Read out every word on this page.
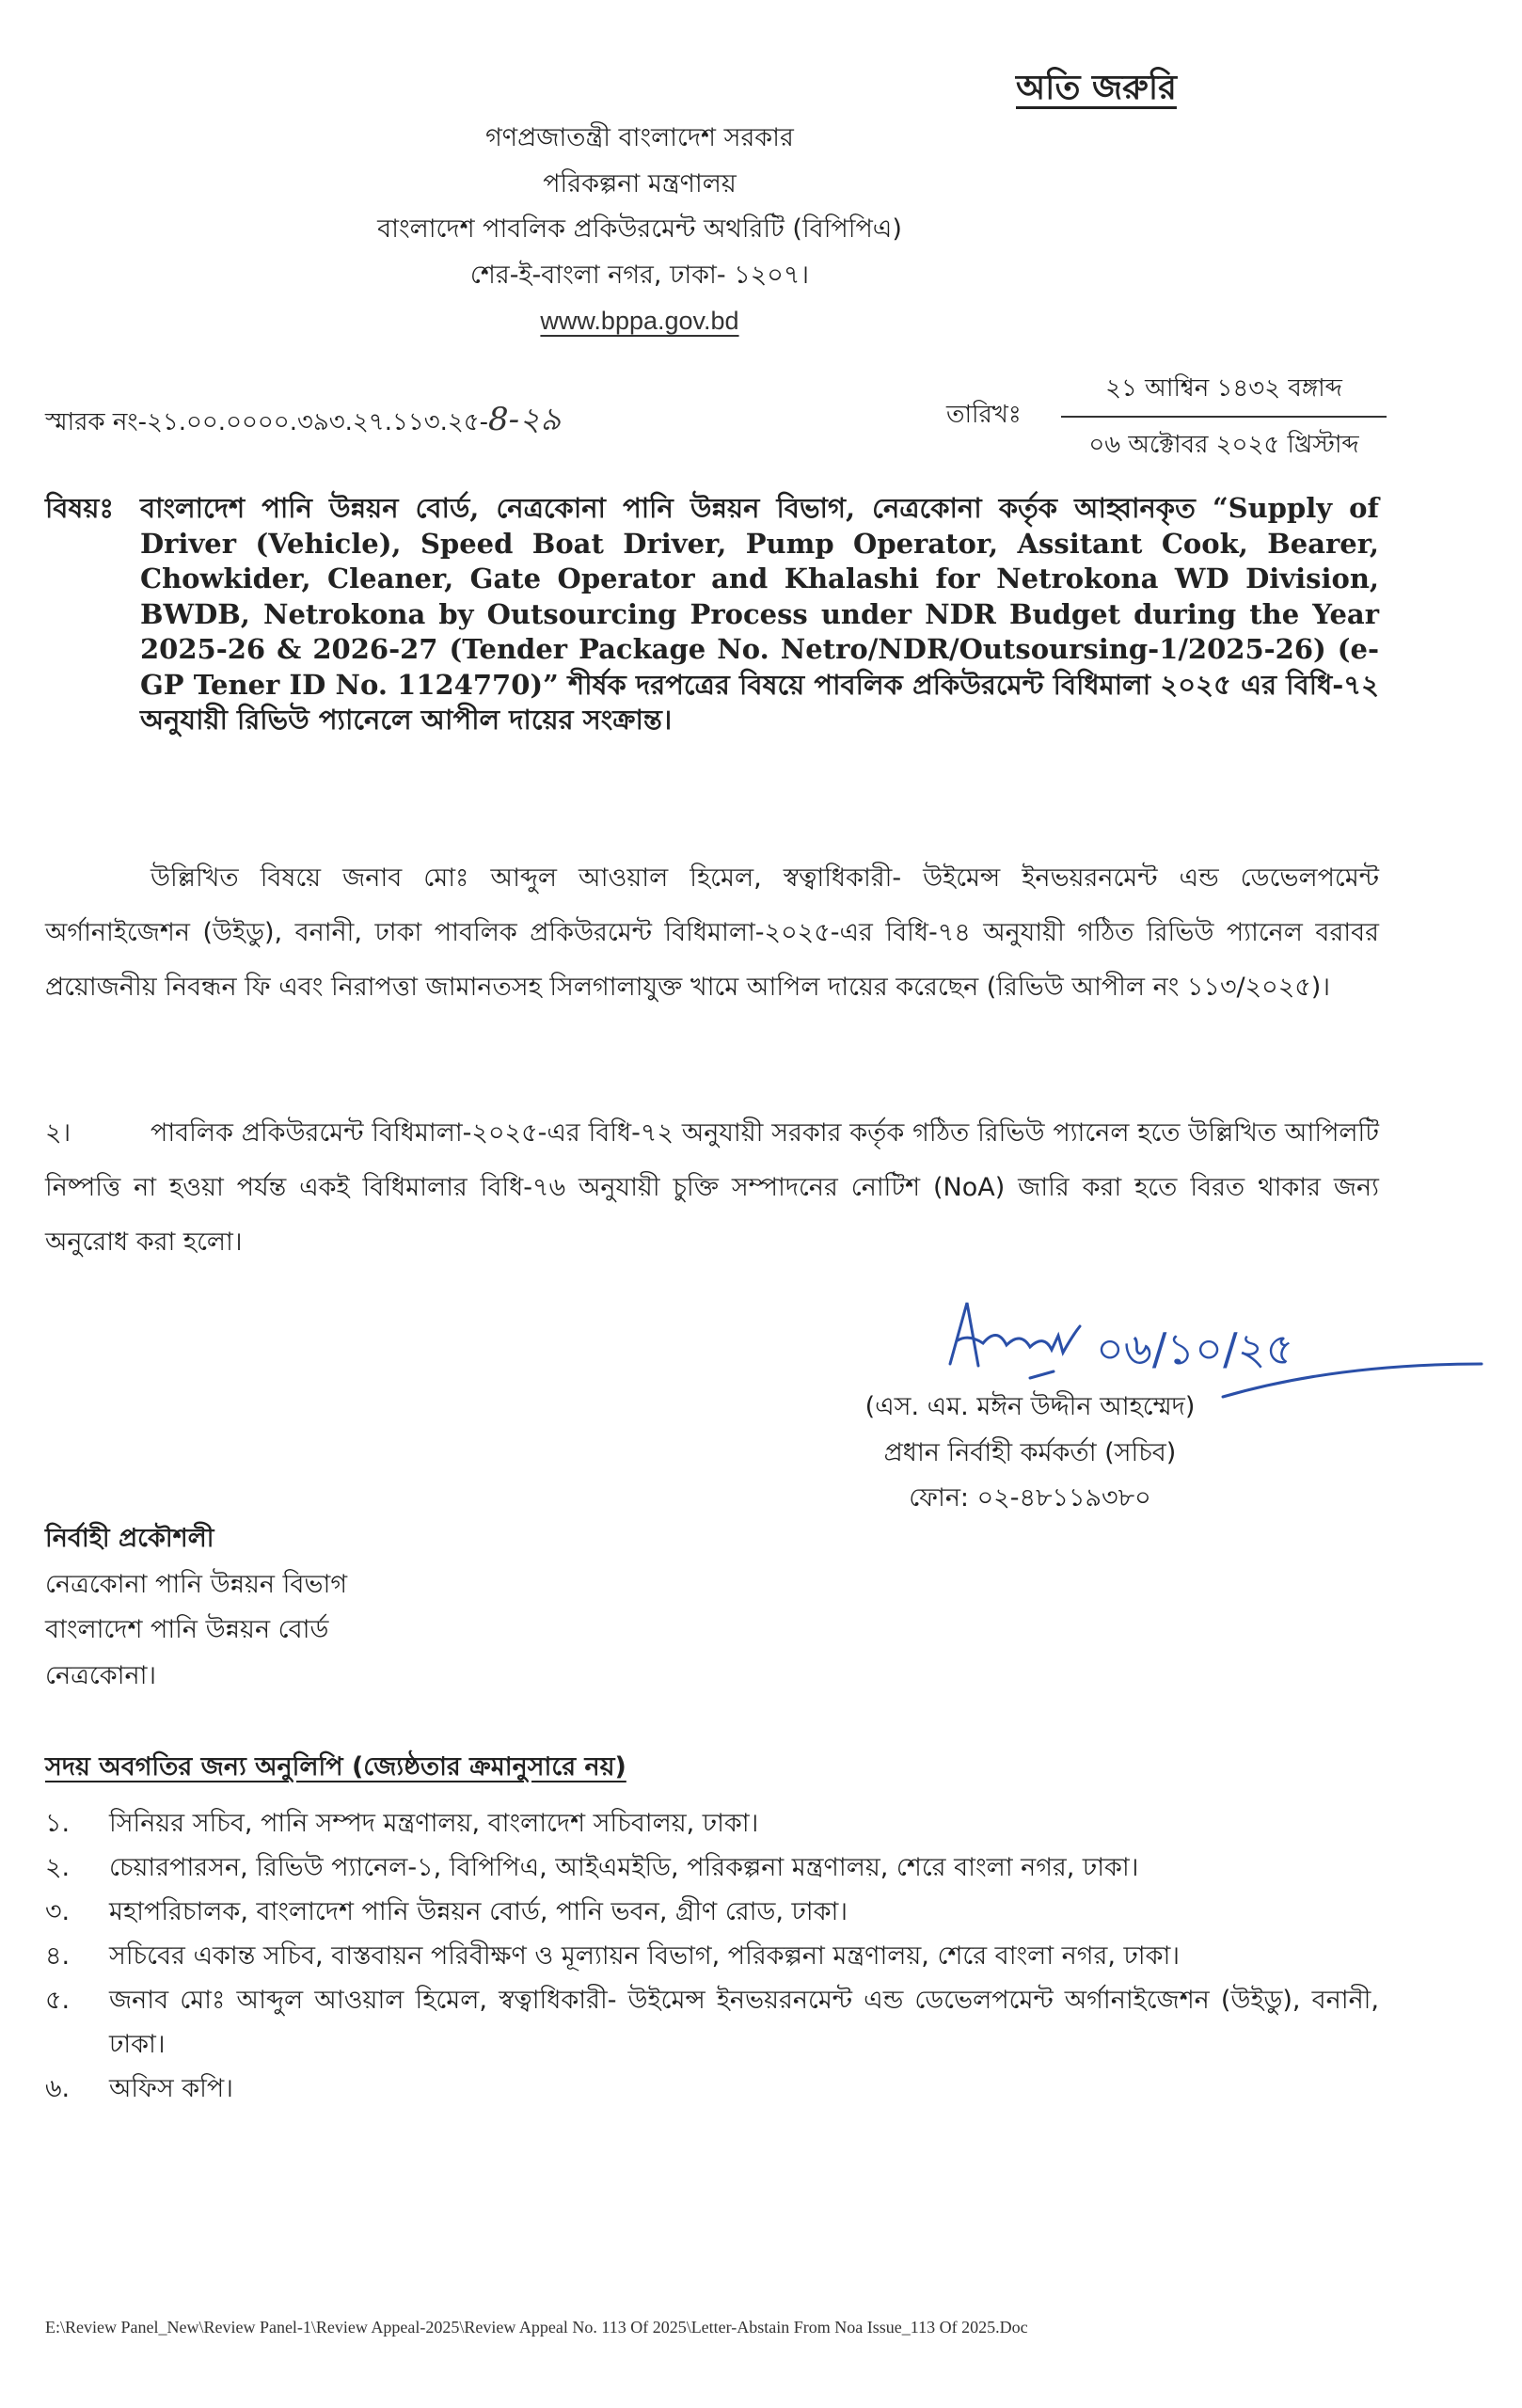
অতি জরুরি
গণপ্রজাতন্ত্রী বাংলাদেশ সরকার
পরিকল্পনা মন্ত্রণালয়
বাংলাদেশ পাবলিক প্রকিউরমেন্ট অথরিটি (বিপিপিএ)
শের-ই-বাংলা নগর, ঢাকা- ১২০৭।
www.bppa.gov.bd
স্মারক নং-২১.০০.০০০০.৩৯৩.২৭.১১৩.২৫-8-২৯	তারিখঃ
২১ আশ্বিন ১৪৩২ বঙ্গাব্দ
০৬ অক্টোবর ২০২৫ খ্রিস্টাব্দ
বিষয়ঃ বাংলাদেশ পানি উন্নয়ন বোর্ড, নেত্রকোনা পানি উন্নয়ন বিভাগ, নেত্রকোনা কর্তৃক আহ্বানকৃত “Supply of Driver (Vehicle), Speed Boat Driver, Pump Operator, Assitant Cook, Bearer, Chowkider, Cleaner, Gate Operator and Khalashi for Netrokona WD Division, BWDB, Netrokona by Outsourcing Process under NDR Budget during the Year 2025-26 & 2026-27 (Tender Package No. Netro/NDR/Outsoursing-1/2025-26) (e-GP Tener ID No. 1124770)” শীর্ষক দরপত্রের বিষয়ে পাবলিক প্রকিউরমেন্ট বিধিমালা ২০২৫ এর বিধি-৭২ অনুযায়ী রিভিউ প্যানেলে আপীল দায়ের সংক্রান্ত।
উল্লিখিত বিষয়ে জনাব মোঃ আব্দুল আওয়াল হিমেল, স্বত্বাধিকারী- উইমেন্স ইনভয়রনমেন্ট এন্ড ডেভেলপমেন্ট অর্গানাইজেশন (উইডু), বনানী, ঢাকা পাবলিক প্রকিউরমেন্ট বিধিমালা-২০২৫-এর বিধি-৭৪ অনুযায়ী গঠিত রিভিউ প্যানেল বরাবর প্রয়োজনীয় নিবন্ধন ফি এবং নিরাপত্তা জামানতসহ সিলগালাযুক্ত খামে আপিল দায়ের করেছেন (রিভিউ আপীল নং ১১৩/২০২৫)।
২।	পাবলিক প্রকিউরমেন্ট বিধিমালা-২০২৫-এর বিধি-৭২ অনুযায়ী সরকার কর্তৃক গঠিত রিভিউ প্যানেল হতে উল্লিখিত আপিলটি নিষ্পত্তি না হওয়া পর্যন্ত একই বিধিমালার বিধি-৭৬ অনুযায়ী চুক্তি সম্পাদনের নোটিশ (NoA) জারি করা হতে বিরত থাকার জন্য অনুরোধ করা হলো।
০৬/১০/২৫
(এস. এম. মঈন উদ্দীন আহম্মেদ)
প্রধান নির্বাহী কর্মকর্তা (সচিব)
ফোন: ০২-৪৮১১৯৩৮০
নির্বাহী প্রকৌশলী
নেত্রকোনা পানি উন্নয়ন বিভাগ
বাংলাদেশ পানি উন্নয়ন বোর্ড
নেত্রকোনা।
সদয় অবগতির জন্য অনুলিপি (জ্যেষ্ঠতার ক্রমানুসারে নয়)
১.	সিনিয়র সচিব, পানি সম্পদ মন্ত্রণালয়, বাংলাদেশ সচিবালয়, ঢাকা।
২.	চেয়ারপারসন, রিভিউ প্যানেল-১, বিপিপিএ, আইএমইডি, পরিকল্পনা মন্ত্রণালয়, শেরে বাংলা নগর, ঢাকা।
৩.	মহাপরিচালক, বাংলাদেশ পানি উন্নয়ন বোর্ড, পানি ভবন, গ্রীণ রোড, ঢাকা।
৪.	সচিবের একান্ত সচিব, বাস্তবায়ন পরিবীক্ষণ ও মূল্যায়ন বিভাগ, পরিকল্পনা মন্ত্রণালয়, শেরে বাংলা নগর, ঢাকা।
৫.	জনাব মোঃ আব্দুল আওয়াল হিমেল, স্বত্বাধিকারী- উইমেন্স ইনভয়রনমেন্ট এন্ড ডেভেলপমেন্ট অর্গানাইজেশন (উইডু), বনানী, ঢাকা।
৬.	অফিস কপি।
E:\Review Panel_New\Review Panel-1\Review Appeal-2025\Review Appeal No. 113 Of 2025\Letter-Abstain From Noa Issue_113 Of 2025.Doc
